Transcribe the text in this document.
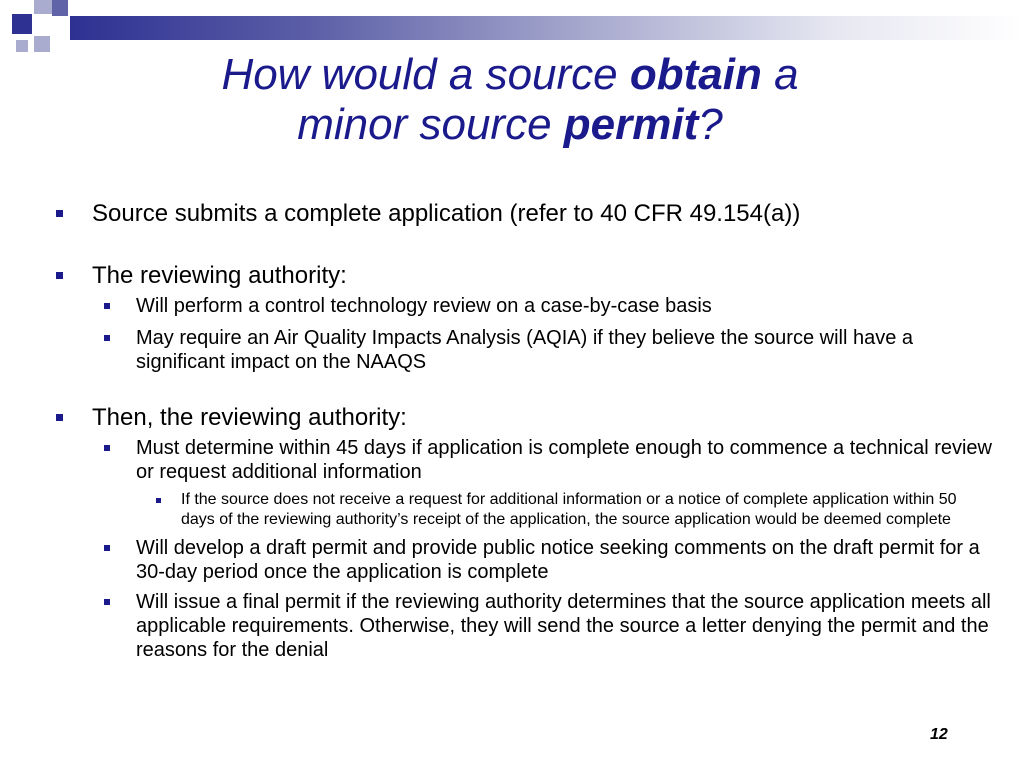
How would a source obtain a
minor source permit?
Source submits a complete application (refer to 40 CFR 49.154(a))
The reviewing authority:
Will perform a control technology review on a case-by-case basis
May require an Air Quality Impacts Analysis (AQIA) if they believe the source will have a significant impact on the NAAQS
Then, the reviewing authority:
Must determine within 45 days if application is complete enough to commence a technical review or request additional information
If the source does not receive a request for additional information or a notice of complete application within 50 days of the reviewing authority’s receipt of the application, the source application would be deemed complete
Will develop a draft permit and provide public notice seeking comments on the draft permit for a 30-day period once the application is complete
Will issue a final permit if the reviewing authority determines that the source application meets all applicable requirements. Otherwise, they will send the source a letter denying the permit and the reasons for the denial
12
